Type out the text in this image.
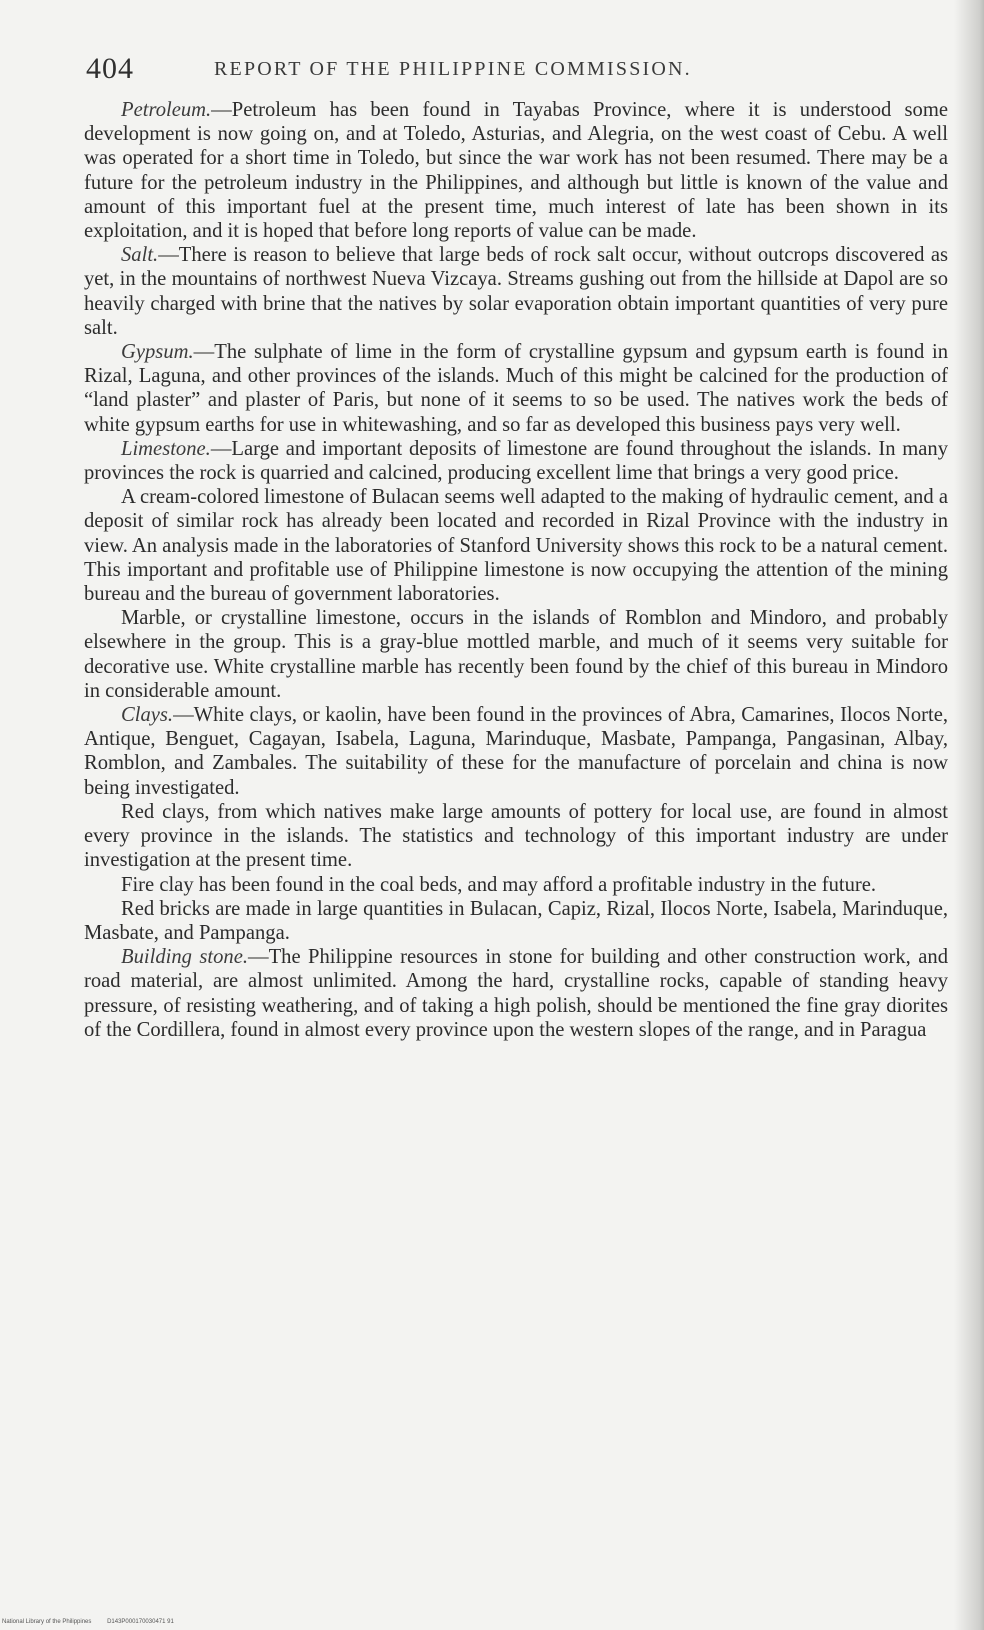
404	REPORT OF THE PHILIPPINE COMMISSION.

Petroleum.—Petroleum has been found in Tayabas Province, where it is understood some development is now going on, and at Toledo, Asturias, and Alegria, on the west coast of Cebu. A well was operated for a short time in Toledo, but since the war work has not been resumed. There may be a future for the petroleum industry in the Philippines, and although but little is known of the value and amount of this important fuel at the present time, much interest of late has been shown in its exploitation, and it is hoped that before long reports of value can be made.

Salt.—There is reason to believe that large beds of rock salt occur, without outcrops discovered as yet, in the mountains of northwest Nueva Vizcaya. Streams gushing out from the hillside at Dapol are so heavily charged with brine that the natives by solar evaporation obtain important quantities of very pure salt.

Gypsum.—The sulphate of lime in the form of crystalline gypsum and gypsum earth is found in Rizal, Laguna, and other provinces of the islands. Much of this might be calcined for the production of “land plaster” and plaster of Paris, but none of it seems to so be used. The natives work the beds of white gypsum earths for use in whitewashing, and so far as developed this business pays very well.

Limestone.—Large and important deposits of limestone are found throughout the islands. In many provinces the rock is quarried and calcined, producing excellent lime that brings a very good price.

A cream-colored limestone of Bulacan seems well adapted to the making of hydraulic cement, and a deposit of similar rock has already been located and recorded in Rizal Province with the industry in view. An analysis made in the laboratories of Stanford University shows this rock to be a natural cement. This important and profitable use of Philippine limestone is now occupying the attention of the mining bureau and the bureau of government laboratories.

Marble, or crystalline limestone, occurs in the islands of Romblon and Mindoro, and probably elsewhere in the group. This is a gray-blue mottled marble, and much of it seems very suitable for decorative use. White crystalline marble has recently been found by the chief of this bureau in Mindoro in considerable amount.

Clays.—White clays, or kaolin, have been found in the provinces of Abra, Camarines, Ilocos Norte, Antique, Benguet, Cagayan, Isabela, Laguna, Marinduque, Masbate, Pampanga, Pangasinan, Albay, Romblon, and Zambales. The suitability of these for the manufacture of porcelain and china is now being investigated.

Red clays, from which natives make large amounts of pottery for local use, are found in almost every province in the islands. The statistics and technology of this important industry are under investigation at the present time.

Fire clay has been found in the coal beds, and may afford a profitable industry in the future.

Red bricks are made in large quantities in Bulacan, Capiz, Rizal, Ilocos Norte, Isabela, Marinduque, Masbate, and Pampanga.

Building stone.—The Philippine resources in stone for building and other construction work, and road material, are almost unlimited. Among the hard, crystalline rocks, capable of standing heavy pressure, of resisting weathering, and of taking a high polish, should be mentioned the fine gray diorites of the Cordillera, found in almost every province upon the western slopes of the range, and in Paragua

National Library of the Philippines	D143P000170030471 91
